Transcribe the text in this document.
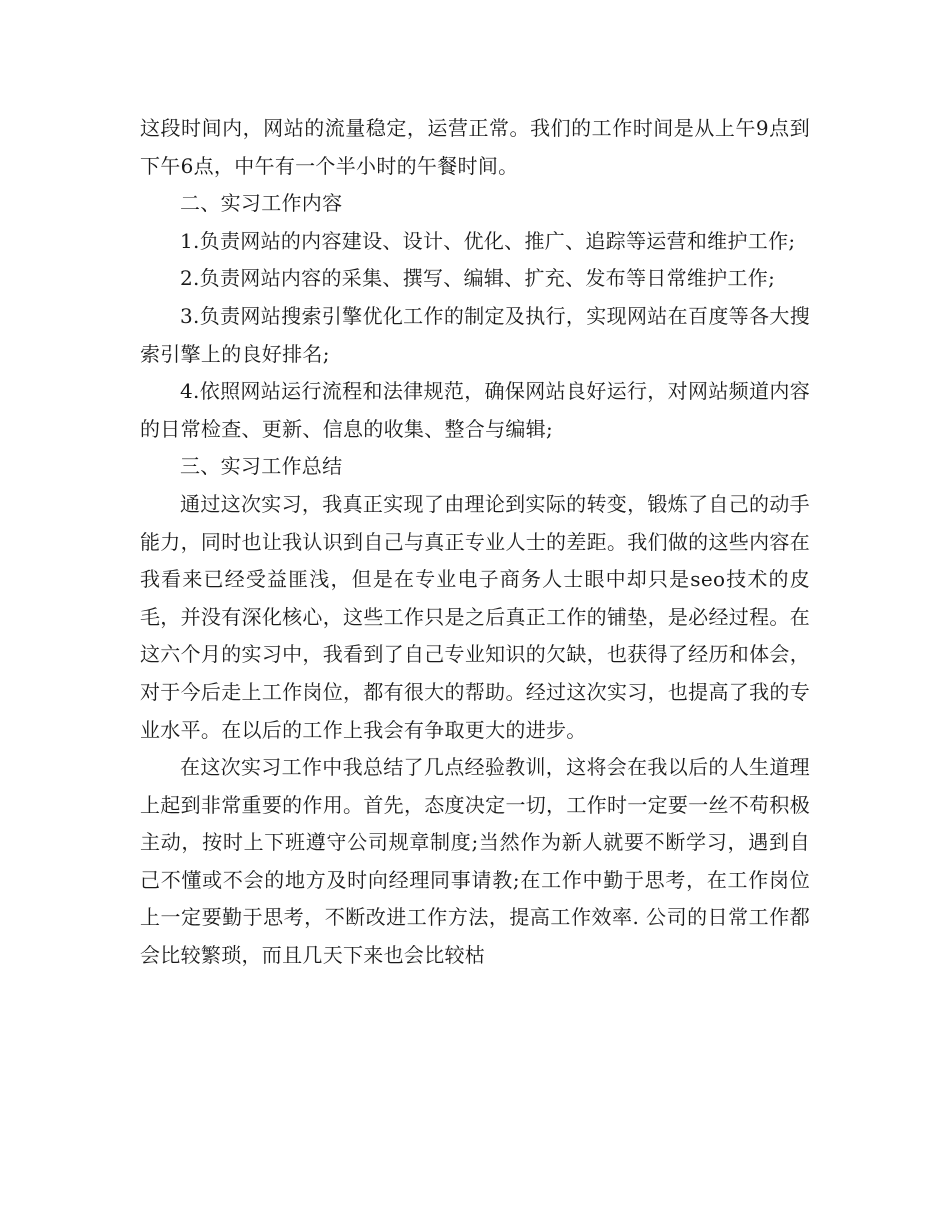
这段时间内，网站的流量稳定，运营正常。我们的工作时间是从上午9点到下午6点，中午有一个半小时的午餐时间。

二、实习工作内容

1.负责网站的内容建设、设计、优化、推广、追踪等运营和维护工作;

2.负责网站内容的采集、撰写、编辑、扩充、发布等日常维护工作;

3.负责网站搜索引擎优化工作的制定及执行，实现网站在百度等各大搜索引擎上的良好排名;

4.依照网站运行流程和法律规范，确保网站良好运行，对网站频道内容的日常检查、更新、信息的收集、整合与编辑;

三、实习工作总结

通过这次实习，我真正实现了由理论到实际的转变，锻炼了自己的动手能力，同时也让我认识到自己与真正专业人士的差距。我们做的这些内容在我看来已经受益匪浅，但是在专业电子商务人士眼中却只是seo技术的皮毛，并没有深化核心，这些工作只是之后真正工作的铺垫，是必经过程。在这六个月的实习中，我看到了自己专业知识的欠缺，也获得了经历和体会，对于今后走上工作岗位，都有很大的帮助。经过这次实习，也提高了我的专业水平。在以后的工作上我会有争取更大的进步。

在这次实习工作中我总结了几点经验教训，这将会在我以后的人生道理上起到非常重要的作用。首先，态度决定一切，工作时一定要一丝不苟积极主动，按时上下班遵守公司规章制度;当然作为新人就要不断学习，遇到自己不懂或不会的地方及时向经理同事请教;在工作中勤于思考，在工作岗位上一定要勤于思考，不断改进工作方法，提高工作效率. 公司的日常工作都会比较繁琐，而且几天下来也会比较枯
